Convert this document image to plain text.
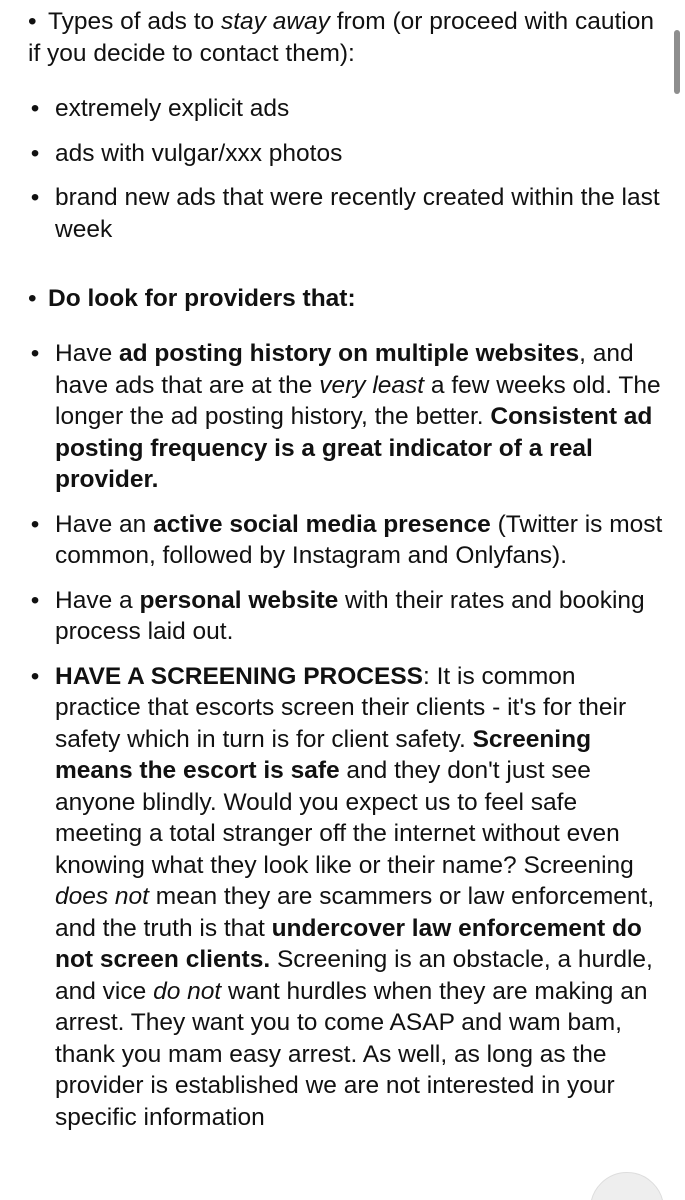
• Types of ads to stay away from (or proceed with caution if you decide to contact them):
• extremely explicit ads
• ads with vulgar/xxx photos
• brand new ads that were recently created within the last week
• Do look for providers that:
• Have ad posting history on multiple websites, and have ads that are at the very least a few weeks old. The longer the ad posting history, the better. Consistent ad posting frequency is a great indicator of a real provider.
• Have an active social media presence (Twitter is most common, followed by Instagram and Onlyfans).
• Have a personal website with their rates and booking process laid out.
• HAVE A SCREENING PROCESS: It is common practice that escorts screen their clients - it's for their safety which in turn is for client safety. Screening means the escort is safe and they don't just see anyone blindly. Would you expect us to feel safe meeting a total stranger off the internet without even knowing what they look like or their name? Screening does not mean they are scammers or law enforcement, and the truth is that undercover law enforcement do not screen clients. Screening is an obstacle, a hurdle, and vice do not want hurdles when they are making an arrest. They want you to come ASAP and wam bam, thank you mam easy arrest. As well, as long as the provider is established we are not interested in your specific information
